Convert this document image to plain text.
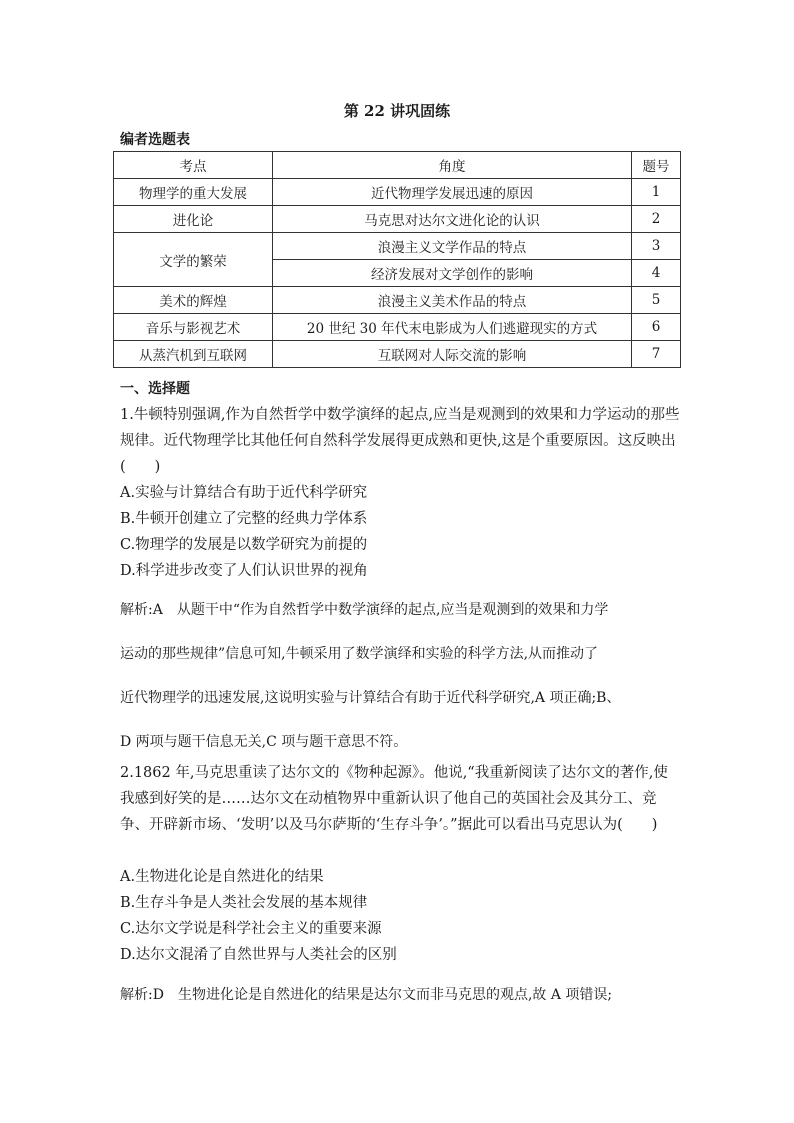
第 22 讲巩固练
编者选题表
考点	角度	题号
物理学的重大发展	近代物理学发展迅速的原因	1
进化论	马克思对达尔文进化论的认识	2
文学的繁荣	浪漫主义文学作品的特点	3
	经济发展对文学创作的影响	4
美术的辉煌	浪漫主义美术作品的特点	5
音乐与影视艺术	20 世纪 30 年代末电影成为人们逃避现实的方式	6
从蒸汽机到互联网	互联网对人际交流的影响	7
一、选择题
1.牛顿特别强调,作为自然哲学中数学演绎的起点,应当是观测到的效果和力学运动的那些规律。近代物理学比其他任何自然科学发展得更成熟和更快,这是个重要原因。这反映出(　　)
A.实验与计算结合有助于近代科学研究
B.牛顿开创建立了完整的经典力学体系
C.物理学的发展是以数学研究为前提的
D.科学进步改变了人们认识世界的视角
解析:A　从题干中“作为自然哲学中数学演绎的起点,应当是观测到的效果和力学
运动的那些规律”信息可知,牛顿采用了数学演绎和实验的科学方法,从而推动了
近代物理学的迅速发展,这说明实验与计算结合有助于近代科学研究,A 项正确;B、
D 两项与题干信息无关,C 项与题干意思不符。
2.1862 年,马克思重读了达尔文的《物种起源》。他说,“我重新阅读了达尔文的著作,使我感到好笑的是……达尔文在动植物界中重新认识了他自己的英国社会及其分工、竞争、开辟新市场、‘发明’以及马尔萨斯的‘生存斗争’。”据此可以看出马克思认为(　　)
A.生物进化论是自然进化的结果
B.生存斗争是人类社会发展的基本规律
C.达尔文学说是科学社会主义的重要来源
D.达尔文混淆了自然世界与人类社会的区别
解析:D　生物进化论是自然进化的结果是达尔文而非马克思的观点,故 A 项错误;
